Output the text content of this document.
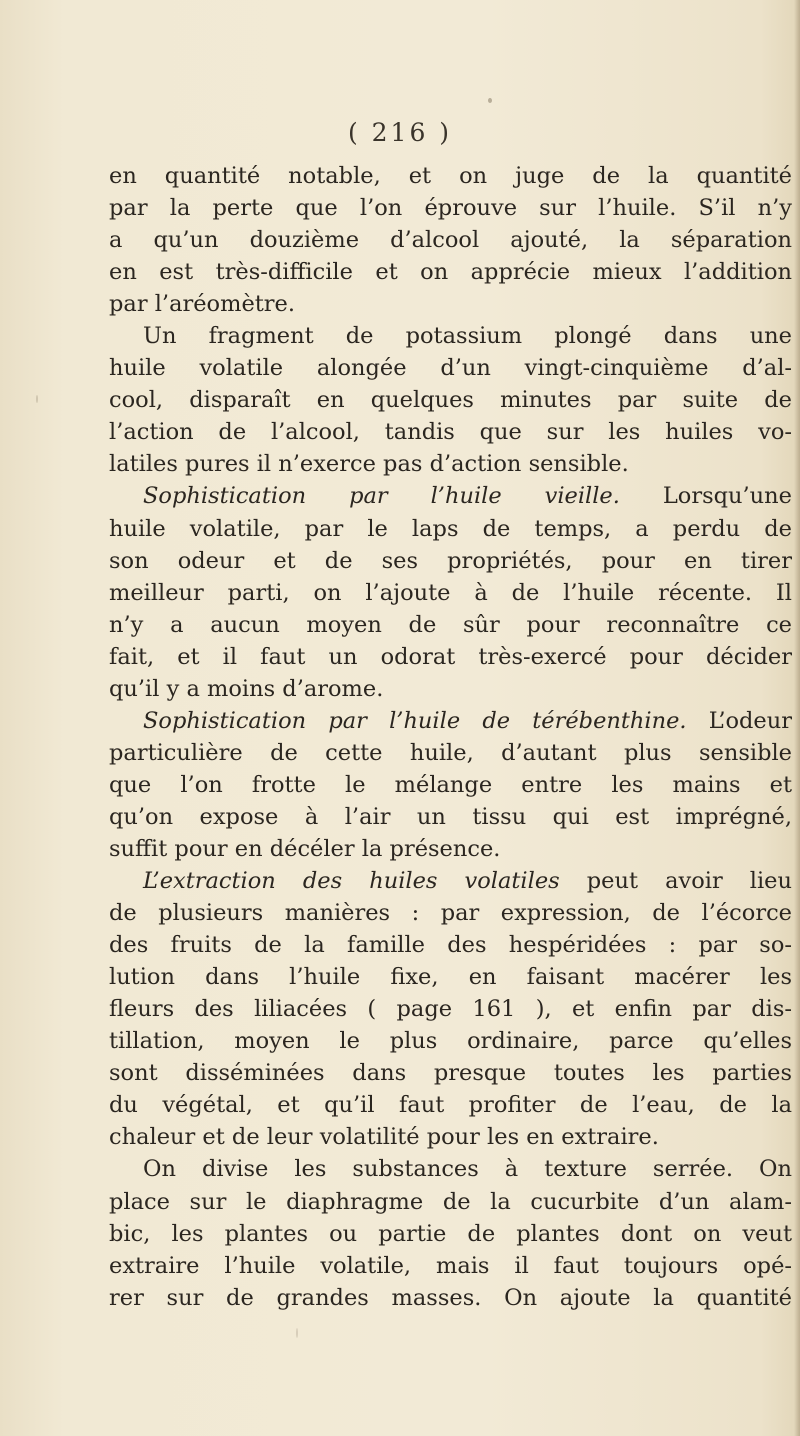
( 216 )
en quantité notable, et on juge de la quantité
par la perte que l’on éprouve sur l’huile. S’il n’y
a qu’un douzième d’alcool ajouté, la séparation
en est très-difficile et on apprécie mieux l’addition
par l’aréomètre.
Un fragment de potassium plongé dans une
huile volatile alongée d’un vingt-cinquième d’al-
cool, disparaît en quelques minutes par suite de
l’action de l’alcool, tandis que sur les huiles vo-
latiles pures il n’exerce pas d’action sensible.
Sophistication par l’huile vieille. Lorsqu’une
huile volatile, par le laps de temps, a perdu de
son odeur et de ses propriétés, pour en tirer
meilleur parti, on l’ajoute à de l’huile récente. Il
n’y a aucun moyen de sûr pour reconnaître ce
fait, et il faut un odorat très-exercé pour décider
qu’il y a moins d’arome.
Sophistication par l’huile de térébenthine. L’odeur
particulière de cette huile, d’autant plus sensible
que l’on frotte le mélange entre les mains et
qu’on expose à l’air un tissu qui est imprégné,
suffit pour en décéler la présence.
L’extraction des huiles volatiles peut avoir lieu
de plusieurs manières : par expression, de l’écorce
des fruits de la famille des hespéridées : par so-
lution dans l’huile fixe, en faisant macérer les
fleurs des liliacées ( page 161 ), et enfin par dis-
tillation, moyen le plus ordinaire, parce qu’elles
sont disséminées dans presque toutes les parties
du végétal, et qu’il faut profiter de l’eau, de la
chaleur et de leur volatilité pour les en extraire.
On divise les substances à texture serrée. On
place sur le diaphragme de la cucurbite d’un alam-
bic, les plantes ou partie de plantes dont on veut
extraire l’huile volatile, mais il faut toujours opé-
rer sur de grandes masses. On ajoute la quantité
